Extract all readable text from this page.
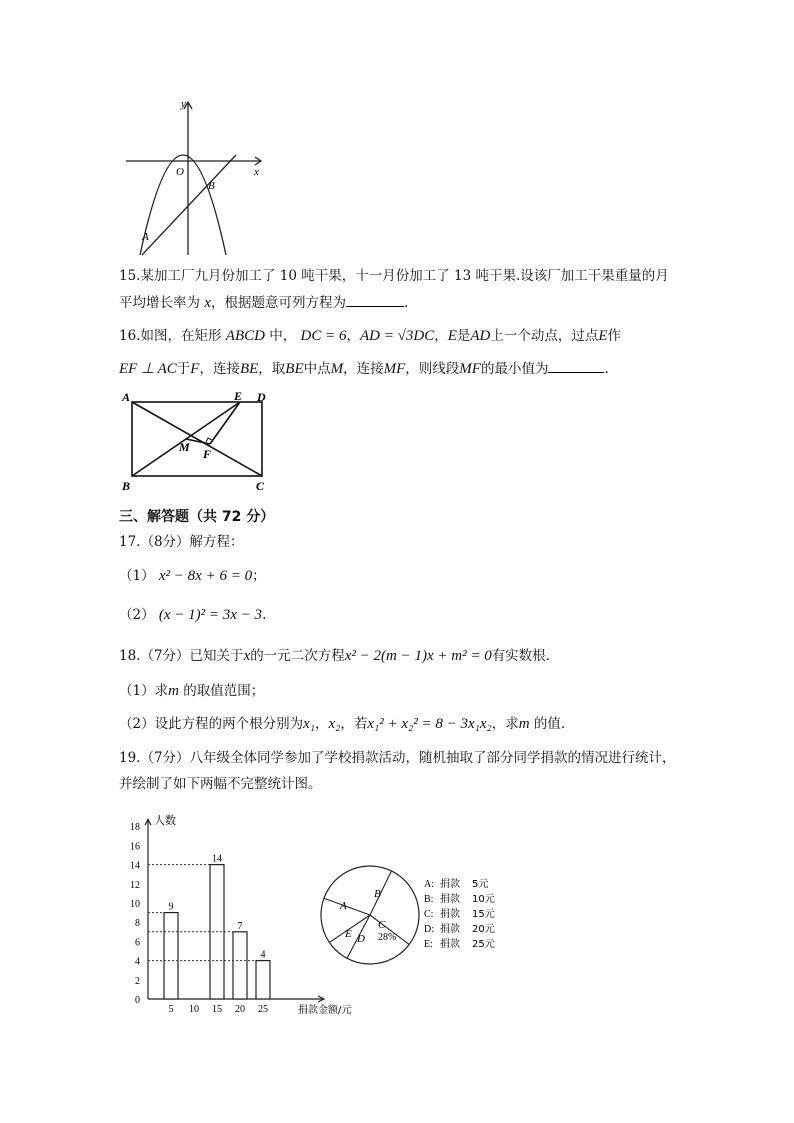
x
y
O
B
A
15.某加工厂九月份加工了 10 吨干果，十一月份加工了 13 吨干果.设该厂加工干果重量的月
平均增长率为 x，根据题意可列方程为	.
16.如图，在矩形 ABCD 中， DC = 6，AD = √3DC，E是AD上一个动点，过点E作
EF ⊥ AC于F，连接BE，取BE中点M，连接MF，则线段MF的最小值为	.
A	D
E
B	C
M F
三、解答题（共 72 分）
17.（8分）解方程：
（1） x² − 8x + 6 = 0；
（2） (x − 1)² = 3x − 3.
18.（7分）已知关于x的一元二次方程x² − 2(m − 1)x + m² = 0有实数根.
（1）求m 的取值范围；
（2）设此方程的两个根分别为x₁，x₂，若x₁² + x₂² = 8 − 3x₁x₂，求m 的值.
19.（7分）八年级全体同学参加了学校捐款活动，随机抽取了部分同学捐款的情况进行统计，
并绘制了如下两幅不完整统计图。
0
2
4
6
8
10
12
14
16
18
人数
捐款金额/元
5 10 15 20 25
9
14
7
4
A
B
C
28%
D
E
A: 捐款 5元
B: 捐款 10元
C: 捐款 15元
D: 捐款 20元
E: 捐款 25元
